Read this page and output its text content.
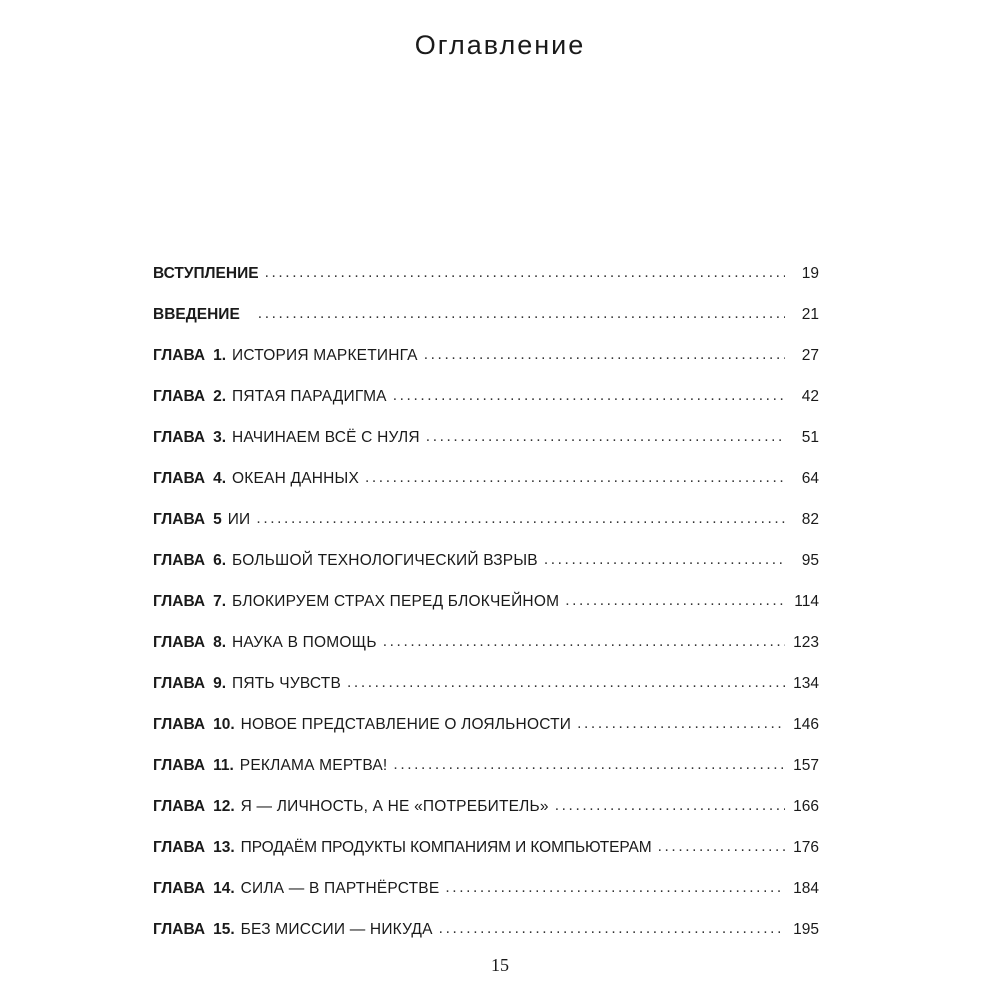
Оглавление
ВСТУПЛЕНИЕ .....	19
ВВЕДЕНИЕ .....	21
ГЛАВА 1. ИСТОРИЯ МАРКЕТИНГА .....	27
ГЛАВА 2. ПЯТАЯ ПАРАДИГМА .....	42
ГЛАВА 3. НАЧИНАЕМ ВСЁ С НУЛЯ .....	51
ГЛАВА 4. ОКЕАН ДАННЫХ .....	64
ГЛАВА 5 ИИ .....	82
ГЛАВА 6. БОЛЬШОЙ ТЕХНОЛОГИЧЕСКИЙ ВЗРЫВ .....	95
ГЛАВА 7. БЛОКИРУЕМ СТРАХ ПЕРЕД БЛОКЧЕЙНОМ .....	114
ГЛАВА 8. НАУКА В ПОМОЩЬ .....	123
ГЛАВА 9. ПЯТЬ ЧУВСТВ .....	134
ГЛАВА 10. НОВОЕ ПРЕДСТАВЛЕНИЕ О ЛОЯЛЬНОСТИ .....	146
ГЛАВА 11. РЕКЛАМА МЕРТВА! .....	157
ГЛАВА 12. Я — ЛИЧНОСТЬ, А НЕ «ПОТРЕБИТЕЛЬ» .....	166
ГЛАВА 13. ПРОДАЁМ ПРОДУКТЫ КОМПАНИЯМ И КОМПЬЮТЕРАМ .....	176
ГЛАВА 14. СИЛА — В ПАРТНЁРСТВЕ .....	184
ГЛАВА 15. БЕЗ МИССИИ — НИКУДА .....	195
15
